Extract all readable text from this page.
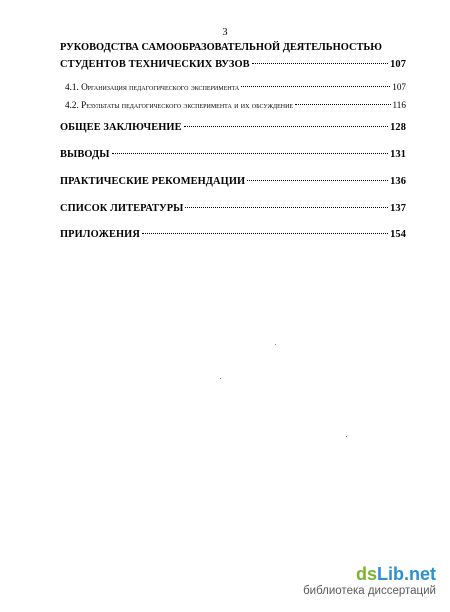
3
РУКОВОДСТВА САМООБРАЗОВАТЕЛЬНОЙ ДЕЯТЕЛЬНОСТЬЮ
СТУДЕНТОВ ТЕХНИЧЕСКИХ ВУЗОВ	107
4.1. Организация педагогического эксперимента	107
4.2. Результаты педагогического эксперимента и их обсуждение	116
ОБЩЕЕ ЗАКЛЮЧЕНИЕ	128
ВЫВОДЫ	131
ПРАКТИЧЕСКИЕ РЕКОМЕНДАЦИИ	136
СПИСОК ЛИТЕРАТУРЫ	137
ПРИЛОЖЕНИЯ	154
dsLib.net
библиотека диссертаций
